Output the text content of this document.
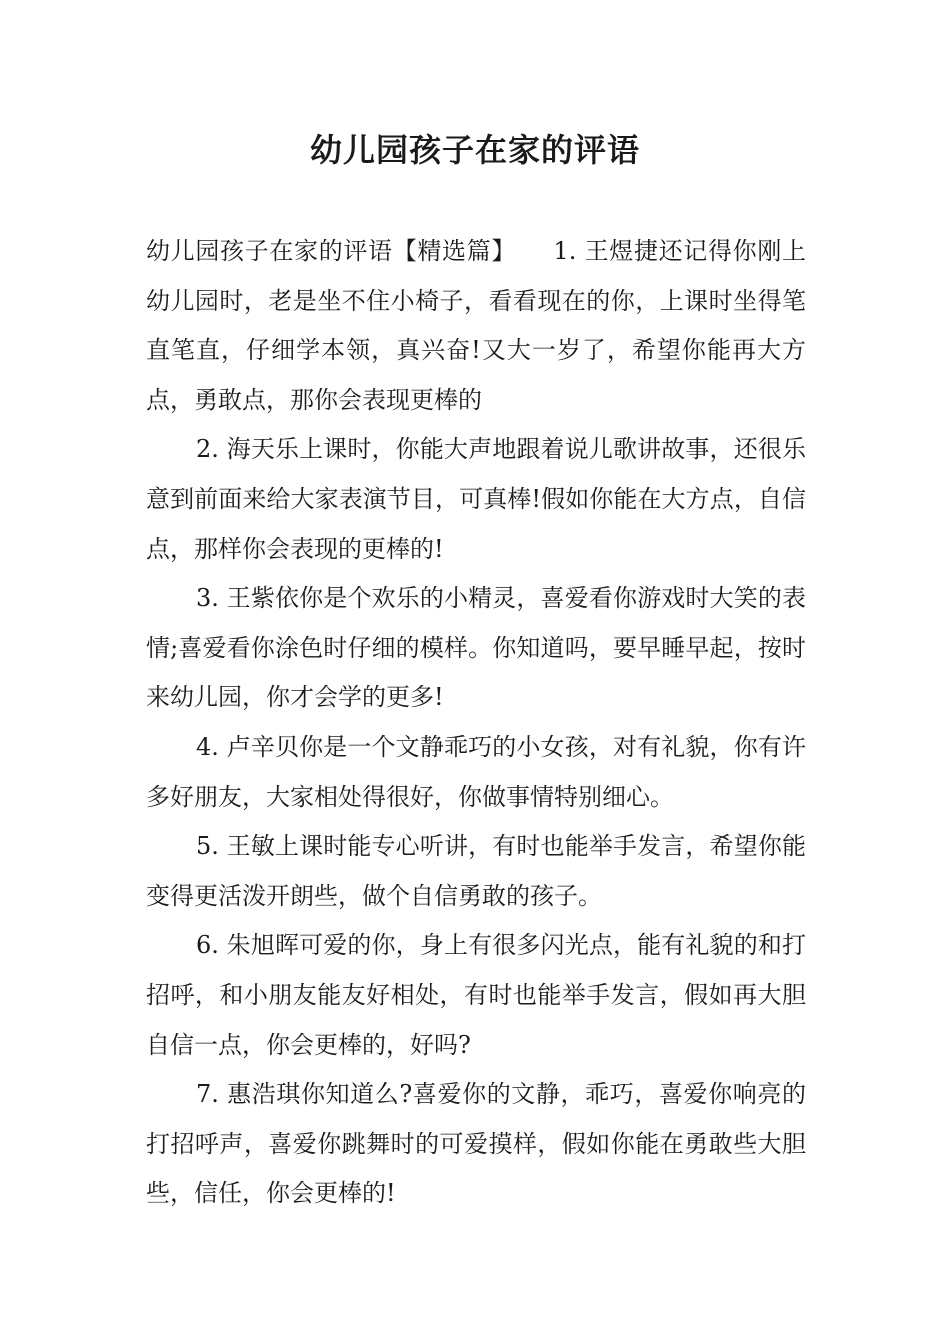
幼儿园孩子在家的评语

幼儿园孩子在家的评语【精选篇】　　1. 王煜捷还记得你刚上幼儿园时，老是坐不住小椅子，看看现在的你，上课时坐得笔直笔直，仔细学本领，真兴奋!又大一岁了，希望你能再大方点，勇敢点，那你会表现更棒的

2. 海天乐上课时，你能大声地跟着说儿歌讲故事，还很乐意到前面来给大家表演节目，可真棒!假如你能在大方点，自信点，那样你会表现的更棒的!

3. 王紫依你是个欢乐的小精灵，喜爱看你游戏时大笑的表情;喜爱看你涂色时仔细的模样。你知道吗，要早睡早起，按时来幼儿园，你才会学的更多!

4. 卢辛贝你是一个文静乖巧的小女孩，对有礼貌，你有许多好朋友，大家相处得很好，你做事情特别细心。

5. 王敏上课时能专心听讲，有时也能举手发言，希望你能变得更活泼开朗些，做个自信勇敢的孩子。

6. 朱旭晖可爱的你，身上有很多闪光点，能有礼貌的和打招呼，和小朋友能友好相处，有时也能举手发言，假如再大胆自信一点，你会更棒的，好吗?

7. 惠浩琪你知道么?喜爱你的文静，乖巧，喜爱你响亮的打招呼声，喜爱你跳舞时的可爱摸样，假如你能在勇敢些大胆些，信任，你会更棒的!
